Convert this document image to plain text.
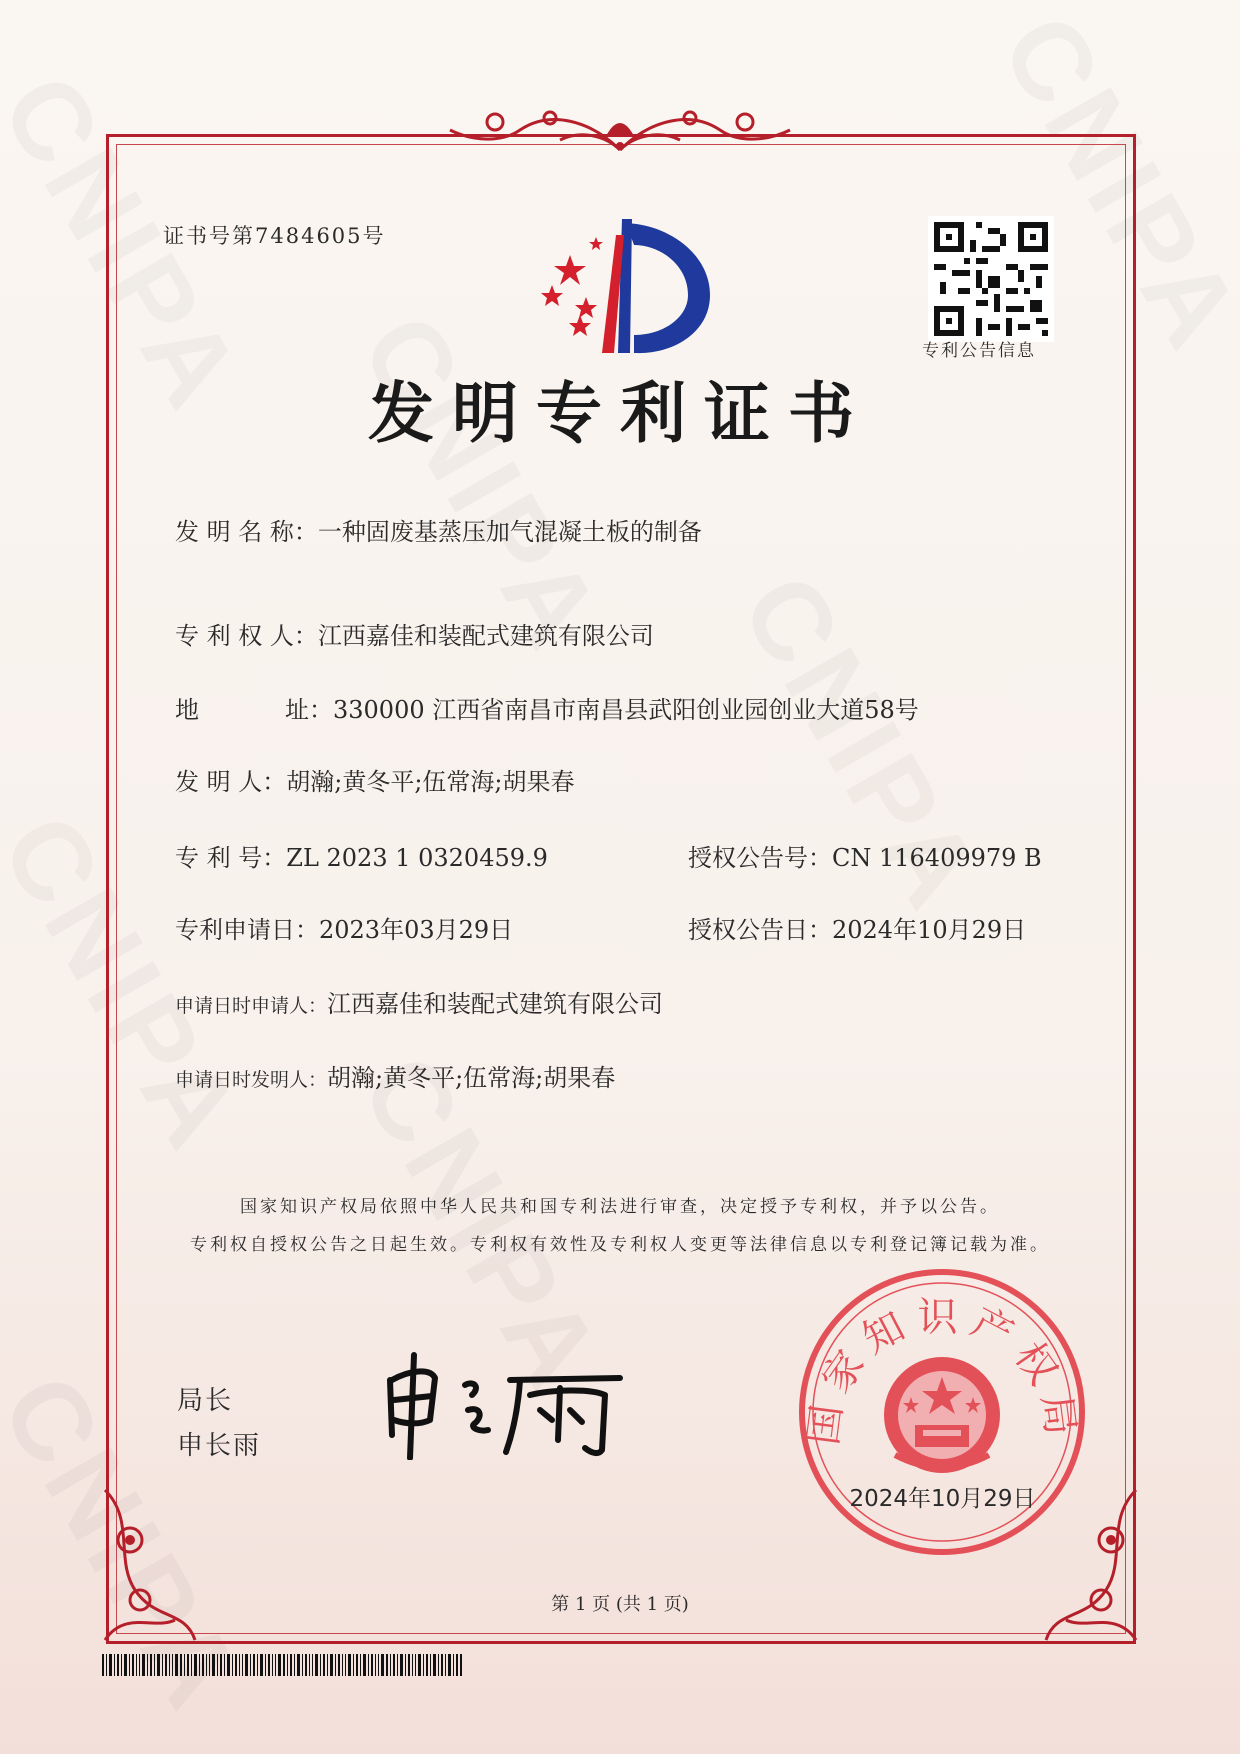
证书号第7484605号
专利公告信息
发明专利证书
发 明 名 称：一种固废基蒸压加气混凝土板的制备
专 利 权 人：江西嘉佳和装配式建筑有限公司
地	址：330000 江西省南昌市南昌县武阳创业园创业大道58号
发 明 人：胡瀚;黄冬平;伍常海;胡果春
专 利 号：ZL 2023 1 0320459.9	授权公告号：CN 116409979 B
专利申请日：2023年03月29日	授权公告日：2024年10月29日
申请日时申请人：江西嘉佳和装配式建筑有限公司
申请日时发明人：胡瀚;黄冬平;伍常海;胡果春
国家知识产权局依照中华人民共和国专利法进行审查，决定授予专利权，并予以公告。
专利权自授权公告之日起生效。专利权有效性及专利权人变更等法律信息以专利登记簿记载为准。
局长
申长雨	国家知识产权局
2024年10月29日
第 1 页 (共 1 页)
